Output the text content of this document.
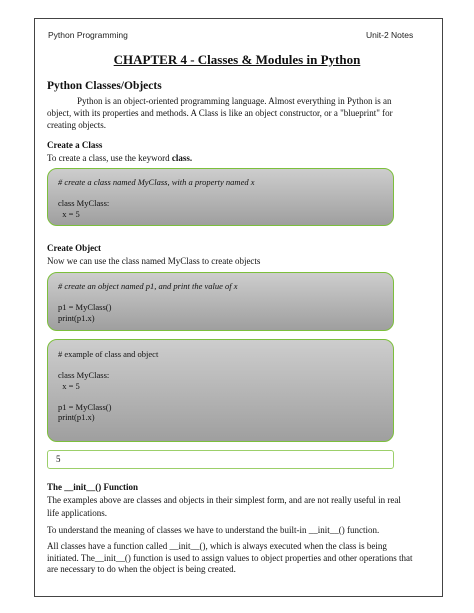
Python Programming	Unit-2 Notes
CHAPTER 4 - Classes & Modules in Python
Python Classes/Objects
Python is an object-oriented programming language. Almost everything in Python is an
object, with its properties and methods. A Class is like an object constructor, or a "blueprint" for
creating objects.
Create a Class
To create a class, use the keyword class.
# create a class named MyClass, with a property named x
class MyClass:
x = 5
Create Object
Now we can use the class named MyClass to create objects
# create an object named p1, and print the value of x
p1 = MyClass()
print(p1.x)
# example of class and object
class MyClass:
x = 5
p1 = MyClass()
print(p1.x)
5
The __init__() Function
The examples above are classes and objects in their simplest form, and are not really useful in real
life applications.
To understand the meaning of classes we have to understand the built-in __init__() function.
All classes have a function called __init__(), which is always executed when the class is being
initiated. The__init__() function is used to assign values to object properties and other operations that
are necessary to do when the object is being created.
